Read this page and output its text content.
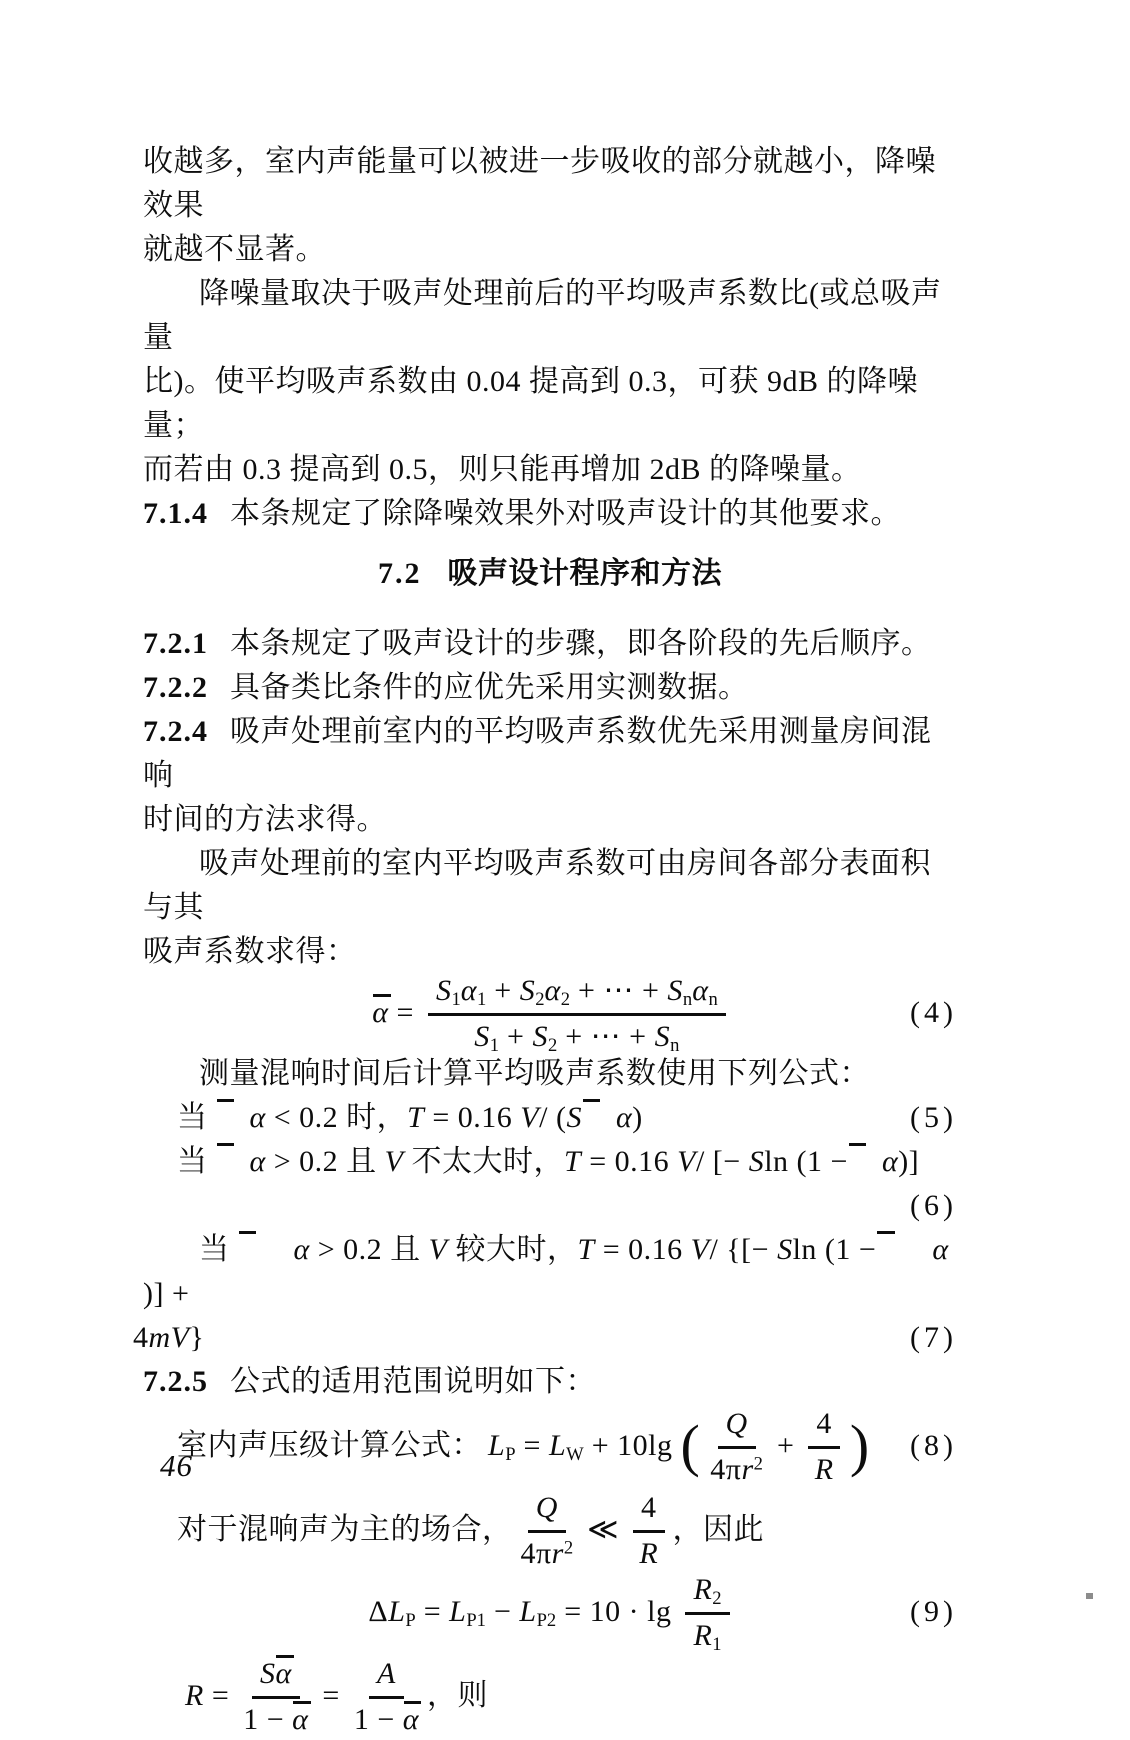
收越多，室内声能量可以被进一步吸收的部分就越小，降噪效果
就越不显著。
降噪量取决于吸声处理前后的平均吸声系数比(或总吸声量
比)。使平均吸声系数由 0.04 提高到 0.3，可获 9dB 的降噪量；
而若由 0.3 提高到 0.5，则只能再增加 2dB 的降噪量。
7.1.4 本条规定了除降噪效果外对吸声设计的其他要求。
7.2 吸声设计程序和方法
7.2.1 本条规定了吸声设计的步骤，即各阶段的先后顺序。
7.2.2 具备类比条件的应优先采用实测数据。
7.2.4 吸声处理前室内的平均吸声系数优先采用测量房间混响
时间的方法求得。
吸声处理前的室内平均吸声系数可由房间各部分表面积与其
吸声系数求得：
$\alpha = \frac{S_1\alpha_1 + S_2\alpha_2 + \cdots + S_n\alpha_n}{S_1 + S_2 + \cdots + S_n}$	(4)
测量混响时间后计算平均吸声系数使用下列公式：
当 α < 0.2 时，T = 0.16 V/ (S α)	(5)
当 α > 0.2 且 V 不太大时，T = 0.16 V/ [− Sln (1 − α)]
(6)
当 α > 0.2 且 V 较大时，T = 0.16 V/ {[− Sln (1 − α)] +
4mV}	(7)
7.2.5 公式的适用范围说明如下：
室内声压级计算公式： $L_P = L_W + 10\lg$ ( $\frac{Q}{4\pi r^2} + \frac{4}{R}$ ) (8)
对于混响声为主的场合， $\frac{Q}{4\pi r^2}$ ≪ $\frac{4}{R}$ ，因此
$\Delta L_P = L_{P1} - L_{P2} = 10 \cdot \lg \frac{R_2}{R_1}$	(9)
$R = \frac{S\alpha}{1 - \alpha} = \frac{A}{1 - \alpha}$ ，则
46
